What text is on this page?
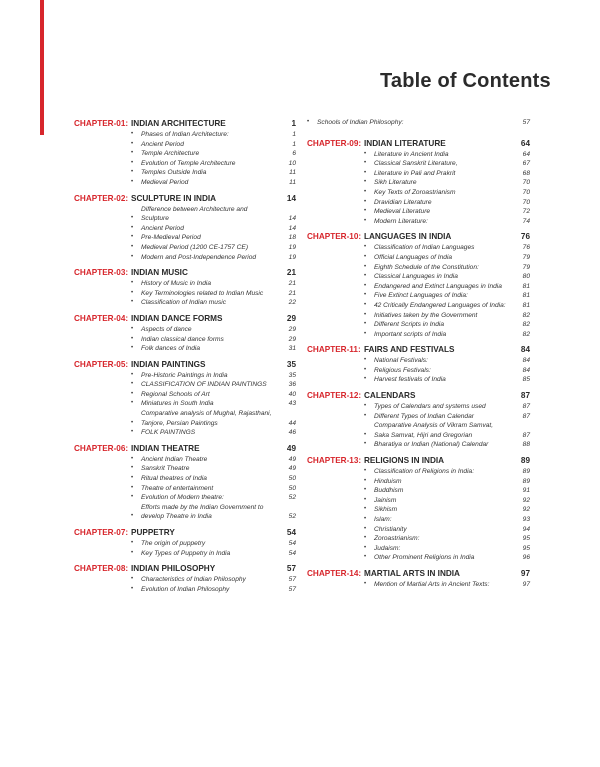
Table of Contents
CHAPTER-01: INDIAN ARCHITECTURE	1
•	Phases of Indian Architecture:	1
•	Ancient Period	1
•	Temple Architecture	6
•	Evolution of Temple Architecture	10
•	Temples Outside India	11
•	Medieval Period	11
CHAPTER-02: SCULPTURE IN INDIA	14
•
Difference between Architecture and Sculpture	14
•	Ancient Period	14
•	Pre-Medieval Period	18
•	Medieval Period (1200 CE-1757 CE)	19
•	Modern and Post-Independence Period	19
CHAPTER-03: INDIAN MUSIC	21
•	History of Music in India	21
•	Key Terminologies related to Indian Music	21
•	Classification of Indian music	22
CHAPTER-04: INDIAN DANCE FORMS	29
•	Aspects of dance	29
•	Indian classical dance forms	29
•	Folk dances of India	31
CHAPTER-05: INDIAN PAINTINGS	35
•	Pre-Historic Paintings in India	35
•	CLASSIFICATION OF INDIAN PAINTINGS	36
•	Regional Schools of Art	40
•	Miniatures in South India	43
•
Comparative analysis of Mughal, Rajasthani, Tanjore, Persian Paintings	44
•	FOLK PAINTINGS	46
CHAPTER-06: INDIAN THEATRE	49
•	Ancient Indian Theatre	49
•	Sanskrit Theatre	49
•	Ritual theatres of India	50
•	Theatre of entertainment	50
•	Evolution of Modern theatre:	52
•
Efforts made by the Indian Government to develop Theatre in India	52
CHAPTER-07: PUPPETRY	54
•	The origin of puppetry	54
•	Key Types of Puppetry in India	54
CHAPTER-08: INDIAN PHILOSOPHY	57
•	Characteristics of Indian Philosophy	57
•	Evolution of Indian Philosophy	57
•	Schools of Indian Philosophy:	57
CHAPTER-09: INDIAN LITERATURE	64
•	Literature in Ancient India	64
•	Classical Sanskrit Literature,	67
•	Literature in Pali and Prakrit	68
•	Sikh Literature	70
•	Key Texts of Zoroastrianism	70
•	Dravidian Literature	70
•	Medieval Literature	72
•	Modern Literature:	74
CHAPTER-10: LANGUAGES IN INDIA	76
•	Classification of Indian Languages	76
•	Official Languages of India	79
•	Eighth Schedule of the Constitution:	79
•	Classical Languages in India	80
•	Endangered and Extinct Languages in India	81
•	Five Extinct Languages of India:	81
•	42 Critically Endangered Languages of India:	81
•	Initiatives taken by the Government	82
•	Different Scripts in India	82
•	Important scripts of India	82
CHAPTER-11: FAIRS AND FESTIVALS	84
•	National Festivals:	84
•	Religious Festivals:	84
•	Harvest festivals of India	85
CHAPTER-12: CALENDARS	87
•	Types of Calendars and systems used	87
•	Different Types of Indian Calendar	87
•
Comparative Analysis of Vikram Samvat, Saka Samvat, Hijri and Gregorian	87
•	Bharatiya or Indian (National) Calendar	88
CHAPTER-13: RELIGIONS IN INDIA	89
•	Classification of Religions in India:	89
•	Hinduism	89
•	Buddhism	91
•	Jainism	92
•	Sikhism	92
•	Islam:	93
•	Christianity	94
•	Zoroastrianism:	95
•	Judaism:	95
•	Other Prominent Religions in India	96
CHAPTER-14: MARTIAL ARTS IN INDIA	97
•	Mention of Martial Arts in Ancient Texts:	97
